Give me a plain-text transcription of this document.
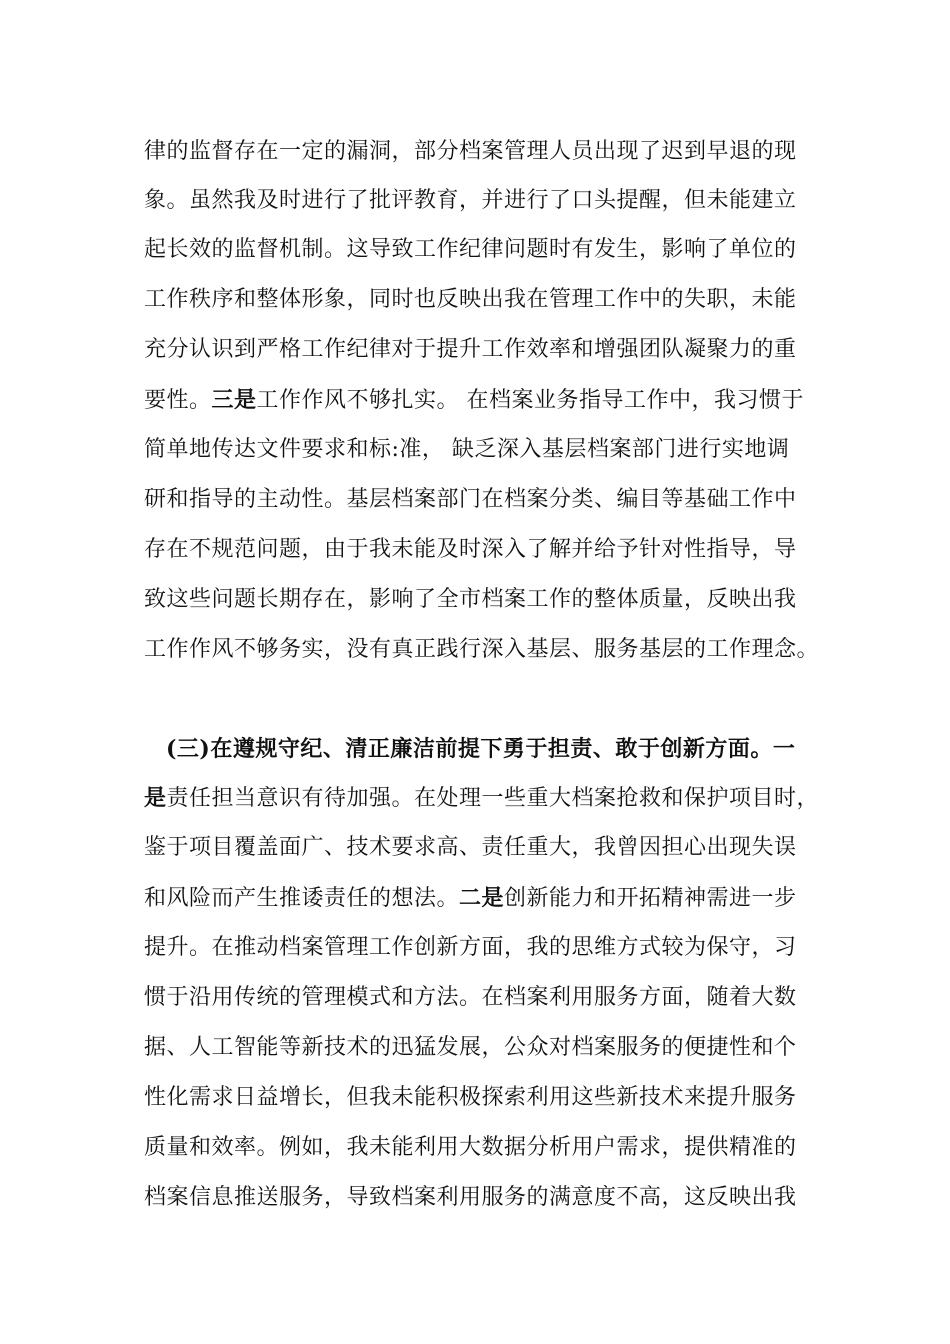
律的监督存在一定的漏洞，部分档案管理人员出现了迟到早退的现
象。虽然我及时进行了批评教育，并进行了口头提醒，但未能建立
起长效的监督机制。这导致工作纪律问题时有发生，影响了单位的
工作秩序和整体形象，同时也反映出我在管理工作中的失职，未能
充分认识到严格工作纪律对于提升工作效率和增强团队凝聚力的重
要性。三是工作作风不够扎实。 在档案业务指导工作中，我习惯于
简单地传达文件要求和标:准， 缺乏深入基层档案部门进行实地调
研和指导的主动性。基层档案部门在档案分类、编目等基础工作中
存在不规范问题，由于我未能及时深入了解并给予针对性指导，导
致这些问题长期存在，影响了全市档案工作的整体质量，反映出我
工作作风不够务实，没有真正践行深入基层、服务基层的工作理念。
(三)在遵规守纪、清正廉洁前提下勇于担责、敢于创新方面。一
是责任担当意识有待加强。在处理一些重大档案抢救和保护项目时，
鉴于项目覆盖面广、技术要求高、责任重大，我曾因担心出现失误
和风险而产生推诿责任的想法。二是创新能力和开拓精神需进一步
提升。在推动档案管理工作创新方面，我的思维方式较为保守，习
惯于沿用传统的管理模式和方法。在档案利用服务方面，随着大数
据、人工智能等新技术的迅猛发展，公众对档案服务的便捷性和个
性化需求日益增长，但我未能积极探索利用这些新技术来提升服务
质量和效率。例如，我未能利用大数据分析用户需求，提供精准的
档案信息推送服务，导致档案利用服务的满意度不高，这反映出我
